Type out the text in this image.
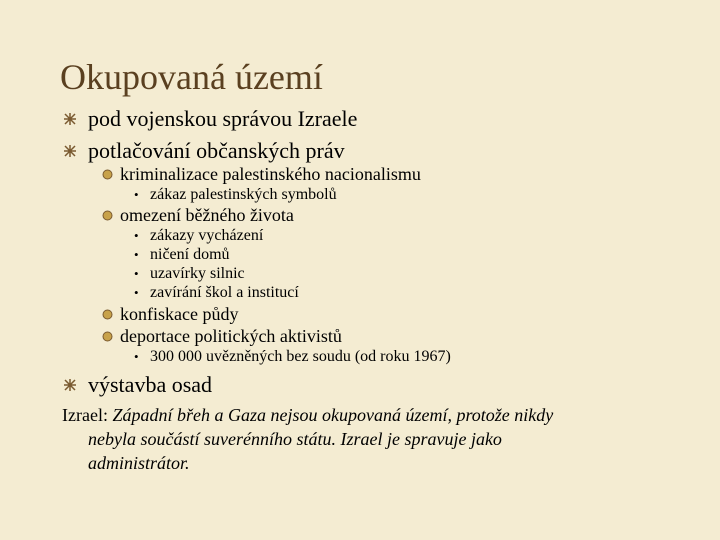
Okupovaná území
pod vojenskou správou Izraele
potlačování občanských práv
kriminalizace palestinského nacionalismu
• zákaz palestinských symbolů
omezení běžného života
• zákazy vycházení
• ničení domů
• uzavírky silnic
• zavírání škol a institucí
konfiskace půdy
deportace politických aktivistů
• 300 000 uvězněných bez soudu (od roku 1967)
výstavba osad
Izrael: Západní břeh a Gaza nejsou okupovaná území, protože nikdy
nebyla součástí suverénního státu. Izrael je spravuje jako
administrátor.
